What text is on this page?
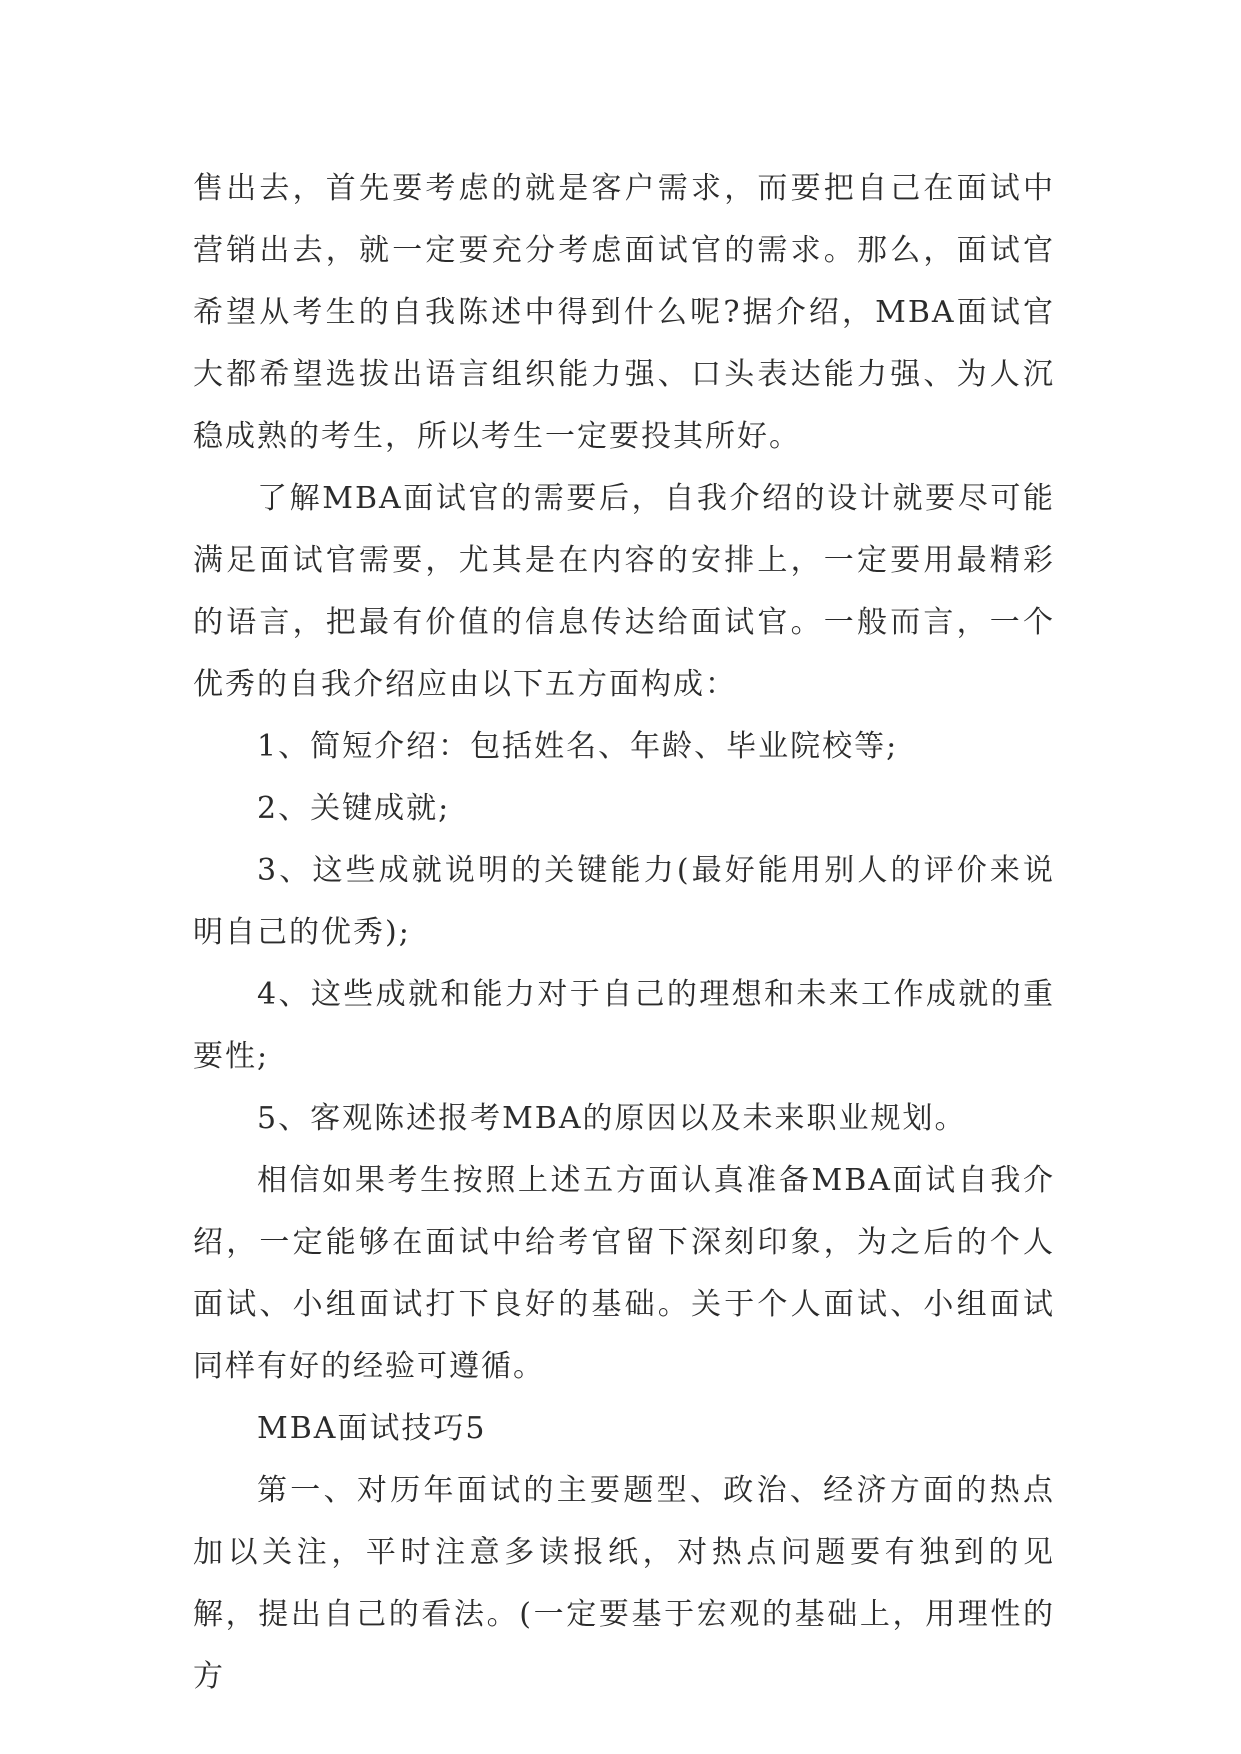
售出去，首先要考虑的就是客户需求，而要把自己在面试中营销出去，就一定要充分考虑面试官的需求。那么，面试官希望从考生的自我陈述中得到什么呢?据介绍，MBA面试官大都希望选拔出语言组织能力强、口头表达能力强、为人沉稳成熟的考生，所以考生一定要投其所好。

了解MBA面试官的需要后，自我介绍的设计就要尽可能满足面试官需要，尤其是在内容的安排上，一定要用最精彩的语言，把最有价值的信息传达给面试官。一般而言，一个优秀的自我介绍应由以下五方面构成：

1、简短介绍：包括姓名、年龄、毕业院校等;

2、关键成就;

3、这些成就说明的关键能力(最好能用别人的评价来说明自己的优秀);

4、这些成就和能力对于自己的理想和未来工作成就的重要性;

5、客观陈述报考MBA的原因以及未来职业规划。

相信如果考生按照上述五方面认真准备MBA面试自我介绍，一定能够在面试中给考官留下深刻印象，为之后的个人面试、小组面试打下良好的基础。关于个人面试、小组面试同样有好的经验可遵循。

MBA面试技巧5

第一、对历年面试的主要题型、政治、经济方面的热点加以关注，平时注意多读报纸，对热点问题要有独到的见解，提出自己的看法。(一定要基于宏观的基础上，用理性的方
